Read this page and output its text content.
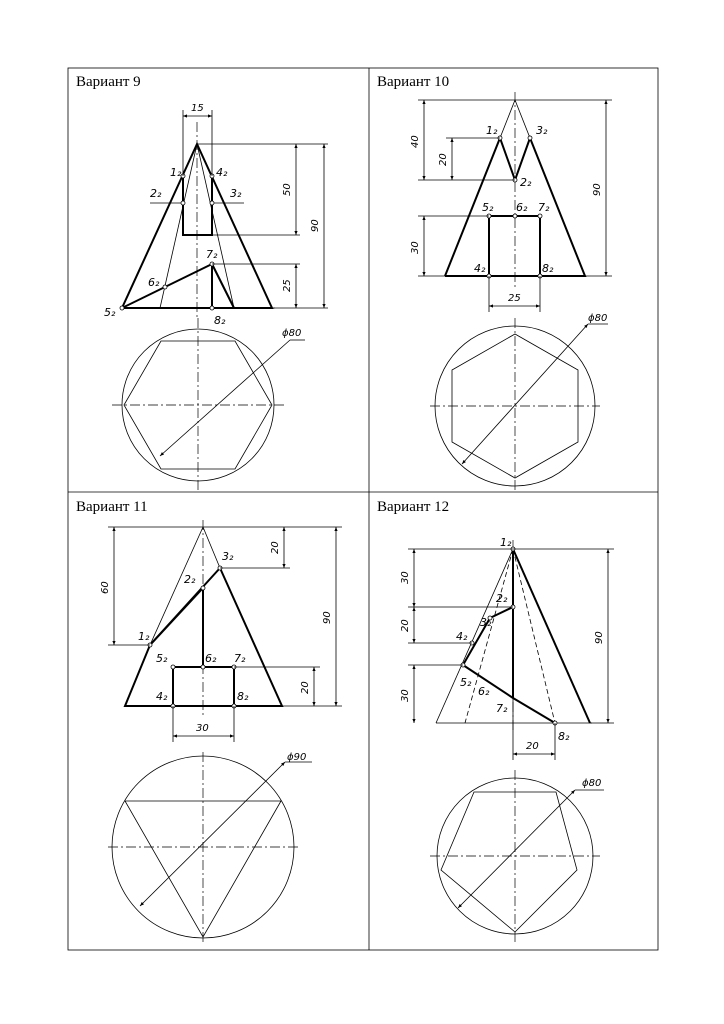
Вариант 9
1₂
2₂	3₂
4₂
5₂
6₂
7₂
8₂
15
50
25
90
ϕ80
Вариант 10
1₂
2₂
3₂
4₂
5₂ 6₂ 7₂
8₂
40
20
90
30
25
ϕ80
Вариант 11
1₂
2₂
3₂
4₂
5₂	6₂ 7₂
8₂
60
20
90
20
30
ϕ90
Вариант 12
1₂
2₂
3₂
4₂
5₂
6₂
7₂
8₂
30
20
30
90
20
ϕ80
